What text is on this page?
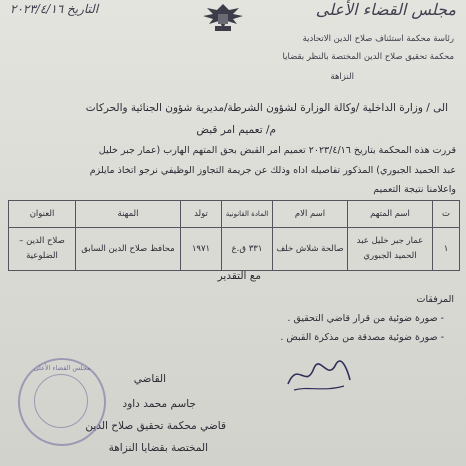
التاريخ ٢٠٢٣/٤/١٦	مجلس القضاء الأعلى
رئاسة محكمة استئناف صلاح الدين الاتحادية
محكمة تحقيق صلاح الدين المختصة بالنظر بقضايا
النزاهة
الى / وزارة الداخلية /وكالة الوزارة لشؤون الشرطة/مديرية شؤون الجنائية والحركات
م/ تعميم امر قبض
قررت هذه المحكمة بتاريخ ٢٠٢٣/٤/١٦ تعميم امر القبض بحق المتهم الهارب (عمار جبر خليل
عبد الحميد الجبوري) المذكور تفاصيله اداه وذلك عن جريمة التجاوز الوظيفي نرجو اتخاذ مايلزم
واعلامنا نتيجة التعميم
ت	اسم المتهم	اسم الام	المادة القانونية	تولد	المهنة	العنوان
١	عمار جبر خليل عبد الحميد الجبوري	صالحة شلاش خلف	٣٣١ ق.ع	١٩٧١	محافظ صلاح الدين السابق	صلاح الدين – الضلوعية
مع التقدير
المرفقات
- صورة ضوئية من قرار قاضي التحقيق .
- صورة ضوئية مصدقة من مذكرة القبض .
القاضي
جاسم محمد داود
قاضي محكمة تحقيق صلاح الدين
المختصة بقضايا النزاهة
مجلس القضاء الأعلى
